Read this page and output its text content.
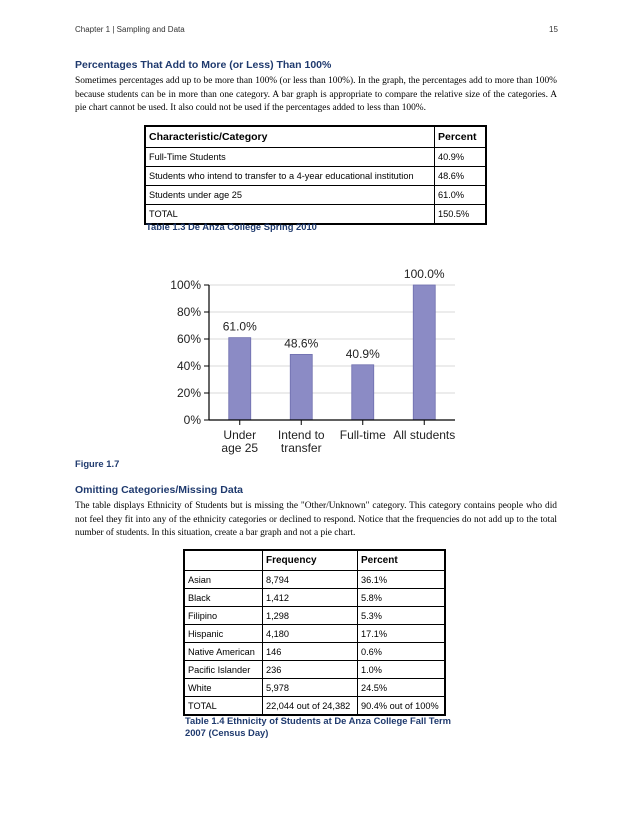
Chapter 1 | Sampling and Data	15
Percentages That Add to More (or Less) Than 100%
Sometimes percentages add up to be more than 100% (or less than 100%). In the graph, the percentages add to more than 100% because students can be in more than one category. A bar graph is appropriate to compare the relative size of the categories. A pie chart cannot be used. It also could not be used if the percentages added to less than 100%.
Characteristic/Category	Percent
Full-Time Students	40.9%
Students who intend to transfer to a 4-year educational institution	48.6%
Students under age 25	61.0%
TOTAL	150.5%
Table 1.3 De Anza College Spring 2010
0%
20%
40%
60%
80%
100%
61.0%
Under
age 25
48.6%
Intend to
transfer
40.9%
Full-time
100.0%
All students
Figure 1.7
Omitting Categories/Missing Data
The table displays Ethnicity of Students but is missing the "Other/Unknown" category. This category contains people who did not feel they fit into any of the ethnicity categories or declined to respond. Notice that the frequencies do not add up to the total number of students. In this situation, create a bar graph and not a pie chart.
	Frequency	Percent
Asian	8,794	36.1%
Black	1,412	5.8%
Filipino	1,298	5.3%
Hispanic	4,180	17.1%
Native American	146	0.6%
Pacific Islander	236	1.0%
White	5,978	24.5%
TOTAL	22,044 out of 24,382	90.4% out of 100%
Table 1.4 Ethnicity of Students at De Anza College Fall Term 2007 (Census Day)
